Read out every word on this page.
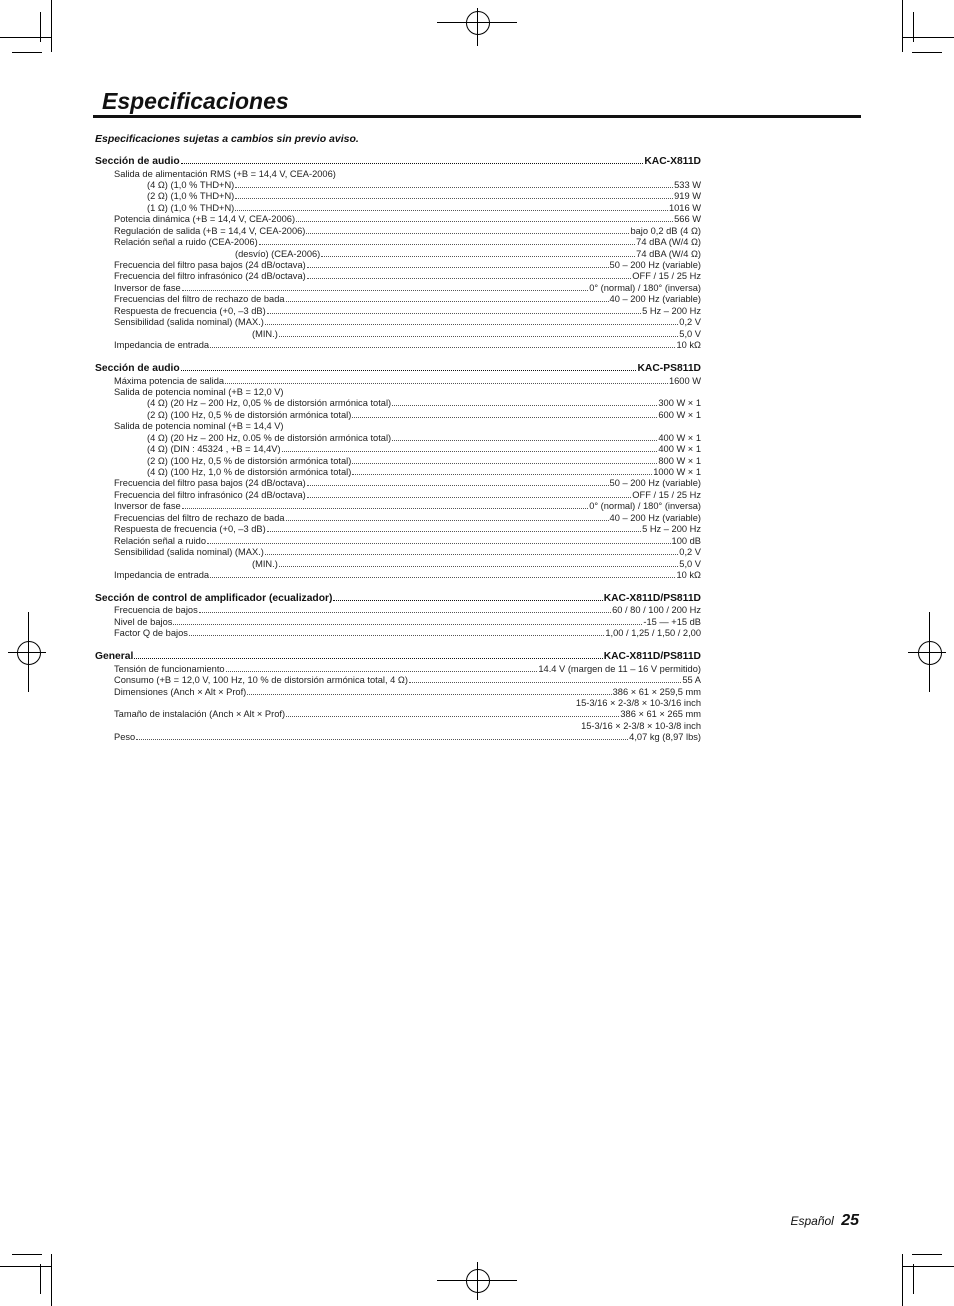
Especificaciones
Especificaciones sujetas a cambios sin previo aviso.
Sección de audio	KAC-X811D
Salida de alimentación RMS (+B = 14,4 V, CEA-2006)
(4 Ω) (1,0 % THD+N)	533 W
(2 Ω) (1,0 % THD+N)	919 W
(1 Ω) (1,0 % THD+N)	1016 W
Potencia dinámica (+B = 14,4 V, CEA-2006)	566 W
Regulación de salida (+B = 14,4 V, CEA-2006)	bajo 0,2 dB (4 Ω)
Relación señal a ruido (CEA-2006)	74 dBA (W/4 Ω)
(desvío) (CEA-2006)	74 dBA (W/4 Ω)
Frecuencia del filtro pasa bajos (24 dB/octava)	50 – 200 Hz (variable)
Frecuencia del filtro infrasónico (24 dB/octava)	OFF / 15 / 25 Hz
Inversor de fase	0° (normal) / 180° (inversa)
Frecuencias del filtro de rechazo de bada	40 – 200 Hz (variable)
Respuesta de frecuencia (+0, –3 dB)	5 Hz – 200 Hz
Sensibilidad (salida nominal) (MAX.)	0,2 V
(MIN.)	5,0 V
Impedancia de entrada	10 kΩ
Sección de audio	KAC-PS811D
Máxima potencia de salida	1600 W
Salida de potencia nominal (+B = 12,0 V)
(4 Ω) (20 Hz – 200 Hz, 0,05 % de distorsión armónica total)	300 W × 1
(2 Ω) (100 Hz, 0,5 % de distorsión armónica total)	600 W × 1
Salida de potencia nominal (+B = 14,4 V)
(4 Ω) (20 Hz – 200 Hz, 0.05 % de distorsión armónica total)	400 W × 1
(4 Ω) (DIN : 45324 , +B = 14,4V)	400 W × 1
(2 Ω) (100 Hz, 0,5 % de distorsión armónica total)	800 W × 1
(4 Ω) (100 Hz, 1,0 % de distorsión armónica total)	1000 W × 1
Frecuencia del filtro pasa bajos (24 dB/octava)	50 – 200 Hz (variable)
Frecuencia del filtro infrasónico (24 dB/octava)	OFF / 15 / 25 Hz
Inversor de fase	0° (normal) / 180° (inversa)
Frecuencias del filtro de rechazo de bada	40 – 200 Hz (variable)
Respuesta de frecuencia (+0, –3 dB)	5 Hz – 200 Hz
Relación señal a ruido	100 dB
Sensibilidad (salida nominal) (MAX.)	0,2 V
(MIN.)	5,0 V
Impedancia de entrada	10 kΩ
Sección de control de amplificador (ecualizador)	KAC-X811D/PS811D
Frecuencia de bajos	60 / 80 / 100 / 200 Hz
Nivel de bajos	-15 — +15 dB
Factor Q de bajos	1,00 / 1,25 / 1,50 / 2,00
General	KAC-X811D/PS811D
Tensión de funcionamiento	14.4 V (margen de 11 – 16 V permitido)
Consumo (+B = 12,0 V, 100 Hz, 10 % de distorsión armónica total, 4 Ω)	55 A
Dimensiones (Anch × Alt × Prof)	386 × 61 × 259,5 mm
15-3/16 × 2-3/8 × 10-3/16 inch
Tamaño de instalación (Anch × Alt × Prof)	386 × 61 × 265 mm
15-3/16 × 2-3/8 × 10-3/8 inch
Peso	4,07 kg (8,97 lbs)
Español 25
